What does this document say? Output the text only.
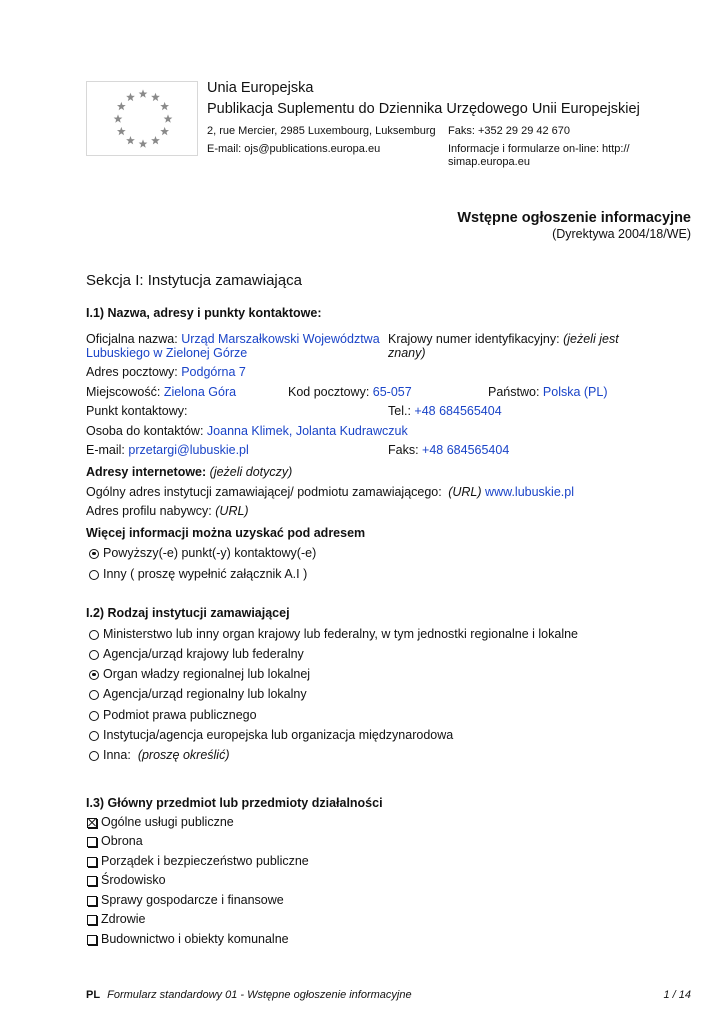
Unia Europejska
Publikacja Suplementu do Dziennika Urzędowego Unii Europejskiej
2, rue Mercier, 2985 Luxembourg, Luksemburg Faks: +352 29 29 42 670
E-mail: ojs@publications.europa.eu	Informacje i formularze on-line: http://
simap.europa.eu
Wstępne ogłoszenie informacyjne
(Dyrektywa 2004/18/WE)
Sekcja I: Instytucja zamawiająca
I.1) Nazwa, adresy i punkty kontaktowe:
Oficjalna nazwa: Urząd Marszałkowski Województwa
Lubuskiego w Zielonej Górze
Krajowy numer identyfikacyjny: (jeżeli jest
znany)
Adres pocztowy: Podgórna 7
Miejscowość: Zielona Góra	Kod pocztowy: 65-057	Państwo: Polska (PL)
Punkt kontaktowy:	Tel.: +48 684565404
Osoba do kontaktów: Joanna Klimek, Jolanta Kudrawczuk
E-mail: przetargi@lubuskie.pl	Faks: +48 684565404
Adresy internetowe: (jeżeli dotyczy)
Ogólny adres instytucji zamawiającej/ podmiotu zamawiającego: (URL) www.lubuskie.pl
Adres profilu nabywcy: (URL)
Więcej informacji można uzyskać pod adresem
Powyższy(-e) punkt(-y) kontaktowy(-e)
Inny ( proszę wypełnić załącznik A.I )
I.2) Rodzaj instytucji zamawiającej
Ministerstwo lub inny organ krajowy lub federalny, w tym jednostki regionalne i lokalne
Agencja/urząd krajowy lub federalny
Organ władzy regionalnej lub lokalnej
Agencja/urząd regionalny lub lokalny
Podmiot prawa publicznego
Instytucja/agencja europejska lub organizacja międzynarodowa
Inna: (proszę określić)
I.3) Główny przedmiot lub przedmioty działalności
Ogólne usługi publiczne
Obrona
Porządek i bezpieczeństwo publiczne
Środowisko
Sprawy gospodarcze i finansowe
Zdrowie
Budownictwo i obiekty komunalne
PL Formularz standardowy 01 - Wstępne ogłoszenie informacyjne	1 / 14
